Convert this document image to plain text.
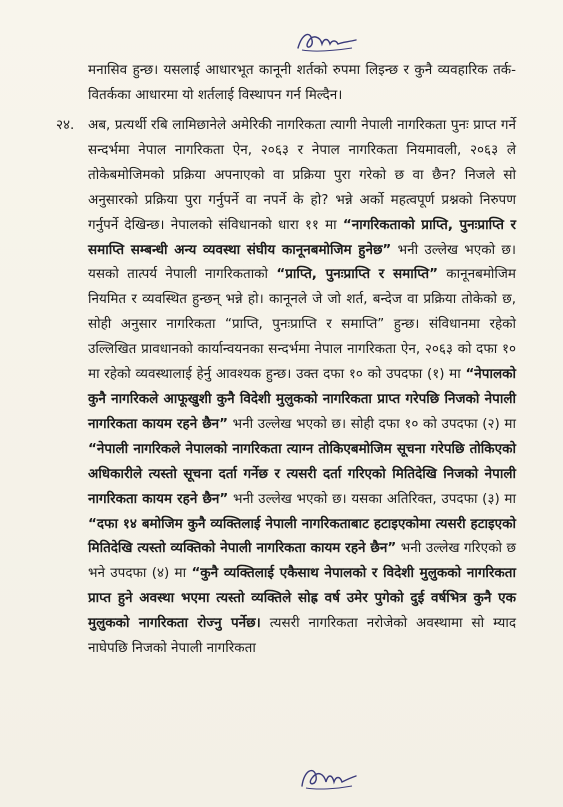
मनासिव हुन्छ। यसलाई आधारभूत कानूनी शर्तको रुपमा लिइन्छ र कुनै व्यवहारिक तर्क-वितर्कका आधारमा यो शर्तलाई विस्थापन गर्न मिल्दैन।
२४. अब, प्रत्यर्थी रबि लामिछानेले अमेरिकी नागरिकता त्यागी नेपाली नागरिकता पुनः प्राप्त गर्ने सन्दर्भमा नेपाल नागरिकता ऐन, २०६३ र नेपाल नागरिकता नियमावली, २०६३ ले तोकेबमोजिमको प्रक्रिया अपनाएको वा प्रक्रिया पुरा गरेको छ वा छैन? निजले सो अनुसारको प्रक्रिया पुरा गर्नुपर्ने वा नपर्ने के हो? भन्ने अर्को महत्वपूर्ण प्रश्नको निरुपण गर्नुपर्ने देखिन्छ। नेपालको संविधानको धारा ११ मा “नागरिकताको प्राप्ति, पुनःप्राप्ति र समाप्ति सम्बन्धी अन्य व्यवस्था संघीय कानूनबमोजिम हुनेछ” भनी उल्लेख भएको छ। यसको तात्पर्य नेपाली नागरिकताको “प्राप्ति, पुनःप्राप्ति र समाप्ति” कानूनबमोजिम नियमित र व्यवस्थित हुन्छन् भन्ने हो। कानूनले जे जो शर्त, बन्देज वा प्रक्रिया तोकेको छ, सोही अनुसार नागरिकता “प्राप्ति, पुनःप्राप्ति र समाप्ति” हुन्छ। संविधानमा रहेको उल्लिखित प्रावधानको कार्यान्वयनका सन्दर्भमा नेपाल नागरिकता ऐन, २०६३ को दफा १० मा रहेको व्यवस्थालाई हेर्नु आवश्यक हुन्छ। उक्त दफा १० को उपदफा (१) मा “नेपालको कुनै नागरिकले आफूखुशी कुनै विदेशी मुलुकको नागरिकता प्राप्त गरेपछि निजको नेपाली नागरिकता कायम रहने छैन” भनी उल्लेख भएको छ। सोही दफा १० को उपदफा (२) मा “नेपाली नागरिकले नेपालको नागरिकता त्याग्न तोकिएबमोजिम सूचना गरेपछि तोकिएको अधिकारीले त्यस्तो सूचना दर्ता गर्नेछ र त्यसरी दर्ता गरिएको मितिदेखि निजको नेपाली नागरिकता कायम रहने छैन” भनी उल्लेख भएको छ। यसका अतिरिक्त, उपदफा (३) मा “दफा १४ बमोजिम कुनै व्यक्तिलाई नेपाली नागरिकताबाट हटाइएकोमा त्यसरी हटाइएको मितिदेखि त्यस्तो व्यक्तिको नेपाली नागरिकता कायम रहने छैन” भनी उल्लेख गरिएको छ भने उपदफा (४) मा “कुनै व्यक्तिलाई एकैसाथ नेपालको र विदेशी मुलुकको नागरिकता प्राप्त हुने अवस्था भएमा त्यस्तो व्यक्तिले सोह्र वर्ष उमेर पुगेको दुई वर्षभित्र कुनै एक मुलुकको नागरिकता रोज्नु पर्नेछ। त्यसरी नागरिकता नरोजेको अवस्थामा सो म्याद नाघेपछि निजको नेपाली नागरिकता
